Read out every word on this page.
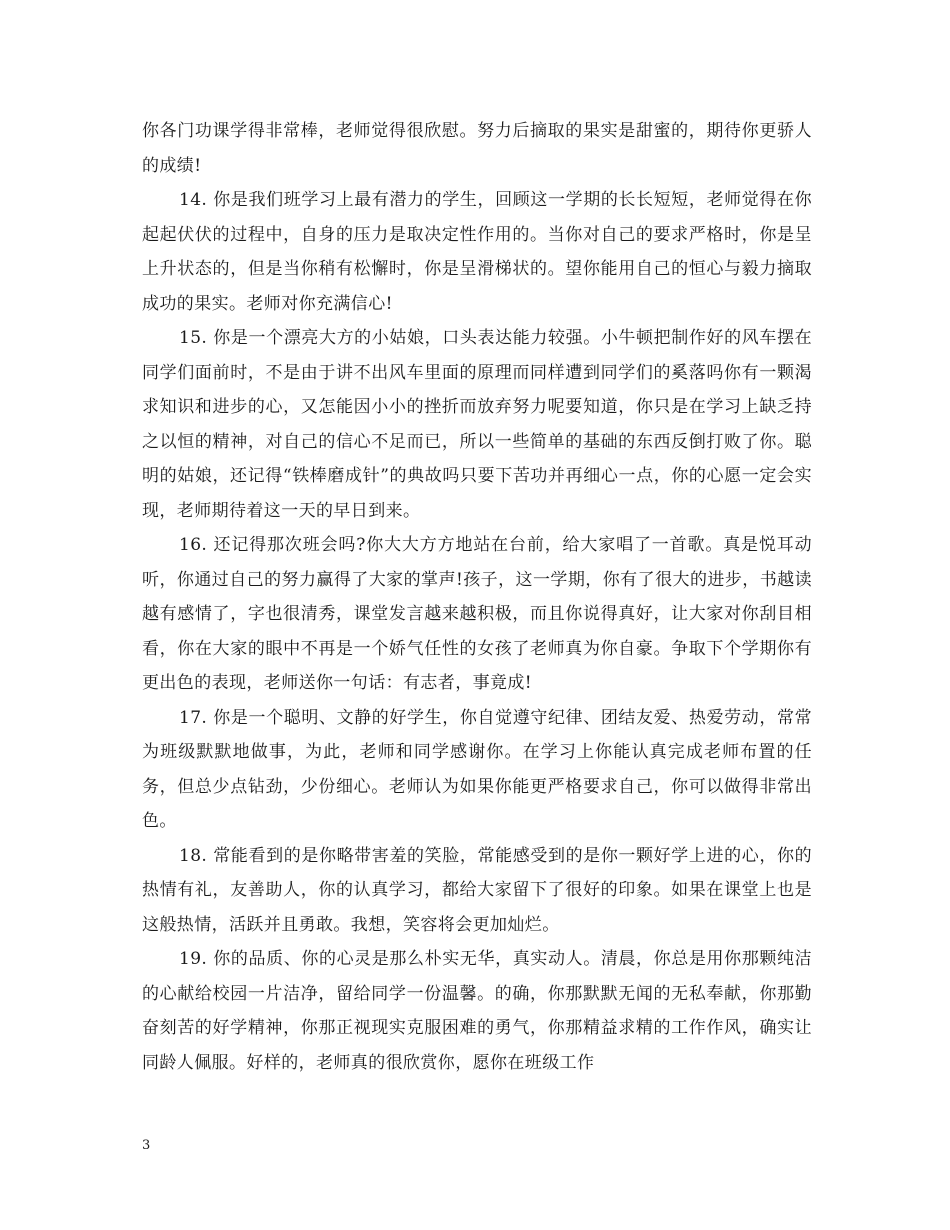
你各门功课学得非常棒，老师觉得很欣慰。努力后摘取的果实是甜蜜的，期待你更骄人的成绩!

14. 你是我们班学习上最有潜力的学生，回顾这一学期的长长短短，老师觉得在你起起伏伏的过程中，自身的压力是取决定性作用的。当你对自己的要求严格时，你是呈上升状态的，但是当你稍有松懈时，你是呈滑梯状的。望你能用自己的恒心与毅力摘取成功的果实。老师对你充满信心!

15. 你是一个漂亮大方的小姑娘，口头表达能力较强。小牛顿把制作好的风车摆在同学们面前时，不是由于讲不出风车里面的原理而同样遭到同学们的奚落吗你有一颗渴求知识和进步的心，又怎能因小小的挫折而放弃努力呢要知道，你只是在学习上缺乏持之以恒的精神，对自己的信心不足而已，所以一些简单的基础的东西反倒打败了你。聪明的姑娘，还记得“铁棒磨成针”的典故吗只要下苦功并再细心一点，你的心愿一定会实现，老师期待着这一天的早日到来。

16. 还记得那次班会吗?你大大方方地站在台前，给大家唱了一首歌。真是悦耳动听，你通过自己的努力赢得了大家的掌声!孩子，这一学期，你有了很大的进步，书越读越有感情了，字也很清秀，课堂发言越来越积极，而且你说得真好，让大家对你刮目相看，你在大家的眼中不再是一个娇气任性的女孩了老师真为你自豪。争取下个学期你有更出色的表现，老师送你一句话：有志者，事竟成!

17. 你是一个聪明、文静的好学生，你自觉遵守纪律、团结友爱、热爱劳动，常常为班级默默地做事，为此，老师和同学感谢你。在学习上你能认真完成老师布置的任务，但总少点钻劲，少份细心。老师认为如果你能更严格要求自己，你可以做得非常出色。

18. 常能看到的是你略带害羞的笑脸，常能感受到的是你一颗好学上进的心，你的热情有礼，友善助人，你的认真学习，都给大家留下了很好的印象。如果在课堂上也是这般热情，活跃并且勇敢。我想，笑容将会更加灿烂。

19. 你的品质、你的心灵是那么朴实无华，真实动人。清晨，你总是用你那颗纯洁的心献给校园一片洁净，留给同学一份温馨。的确，你那默默无闻的无私奉献，你那勤奋刻苦的好学精神，你那正视现实克服困难的勇气，你那精益求精的工作作风，确实让同龄人佩服。好样的，老师真的很欣赏你，愿你在班级工作

3
